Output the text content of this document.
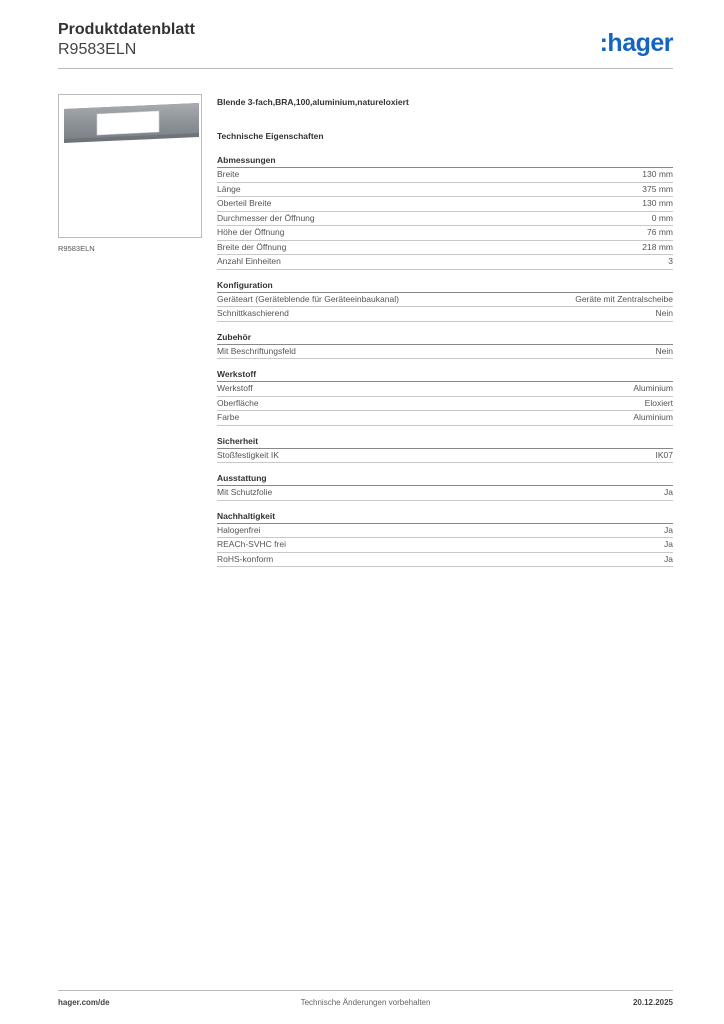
Produktdatenblatt
R9583ELN	:hager
R9583ELN
Blende 3-fach,BRA,100,aluminium,natureloxiert
Technische Eigenschaften
Abmessungen
Breite	130 mm
Länge	375 mm
Oberteil Breite	130 mm
Durchmesser der Öffnung	0 mm
Höhe der Öffnung	76 mm
Breite der Öffnung	218 mm
Anzahl Einheiten	3
Konfiguration
Geräteart (Geräteblende für Geräteeinbaukanal)	Geräte mit Zentralscheibe
Schnittkaschierend	Nein
Zubehör
Mit Beschriftungsfeld	Nein
Werkstoff
Werkstoff	Aluminium
Oberfläche	Eloxiert
Farbe	Aluminium
Sicherheit
Stoßfestigkeit IK	IK07
Ausstattung
Mit Schutzfolie	Ja
Nachhaltigkeit
Halogenfrei	Ja
REACh-SVHC frei	Ja
RoHS-konform	Ja
hager.com/de	Technische Änderungen vorbehalten	20.12.2025
